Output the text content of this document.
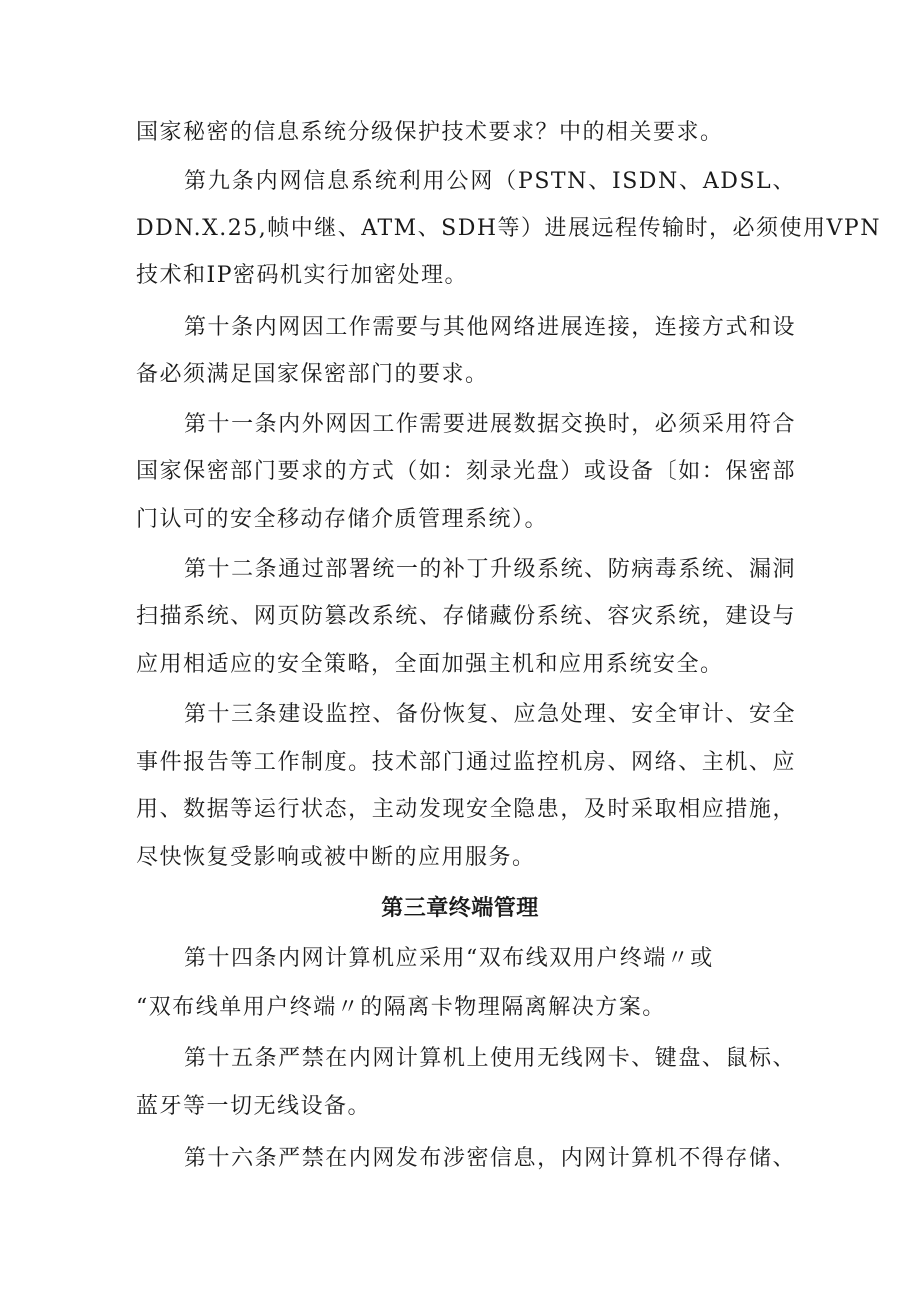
国家秘密的信息系统分级保护技术要求？中的相关要求。
第九条内网信息系统利用公网（PSTN、ISDN、ADSL、
DDN.X.25,帧中继、ATM、SDH等）进展远程传输时，必须使用VPN
技术和IP密码机实行加密处理。
第十条内网因工作需要与其他网络进展连接，连接方式和设
备必须满足国家保密部门的要求。
第十一条内外网因工作需要进展数据交换时，必须采用符合
国家保密部门要求的方式（如：刻录光盘）或设备〔如：保密部
门认可的安全移动存储介质管理系统）。
第十二条通过部署统一的补丁升级系统、防病毒系统、漏洞
扫描系统、网页防篡改系统、存储藏份系统、容灾系统，建设与
应用相适应的安全策略，全面加强主机和应用系统安全。
第十三条建设监控、备份恢复、应急处理、安全审计、安全
事件报告等工作制度。技术部门通过监控机房、网络、主机、应
用、数据等运行状态，主动发现安全隐患，及时采取相应措施，
尽快恢复受影响或被中断的应用服务。
第三章终端管理
第十四条内网计算机应采用“双布线双用户终端〃或
“双布线单用户终端〃的隔离卡物理隔离解决方案。
第十五条严禁在内网计算机上使用无线网卡、键盘、鼠标、
蓝牙等一切无线设备。
第十六条严禁在内网发布涉密信息，内网计算机不得存储、
